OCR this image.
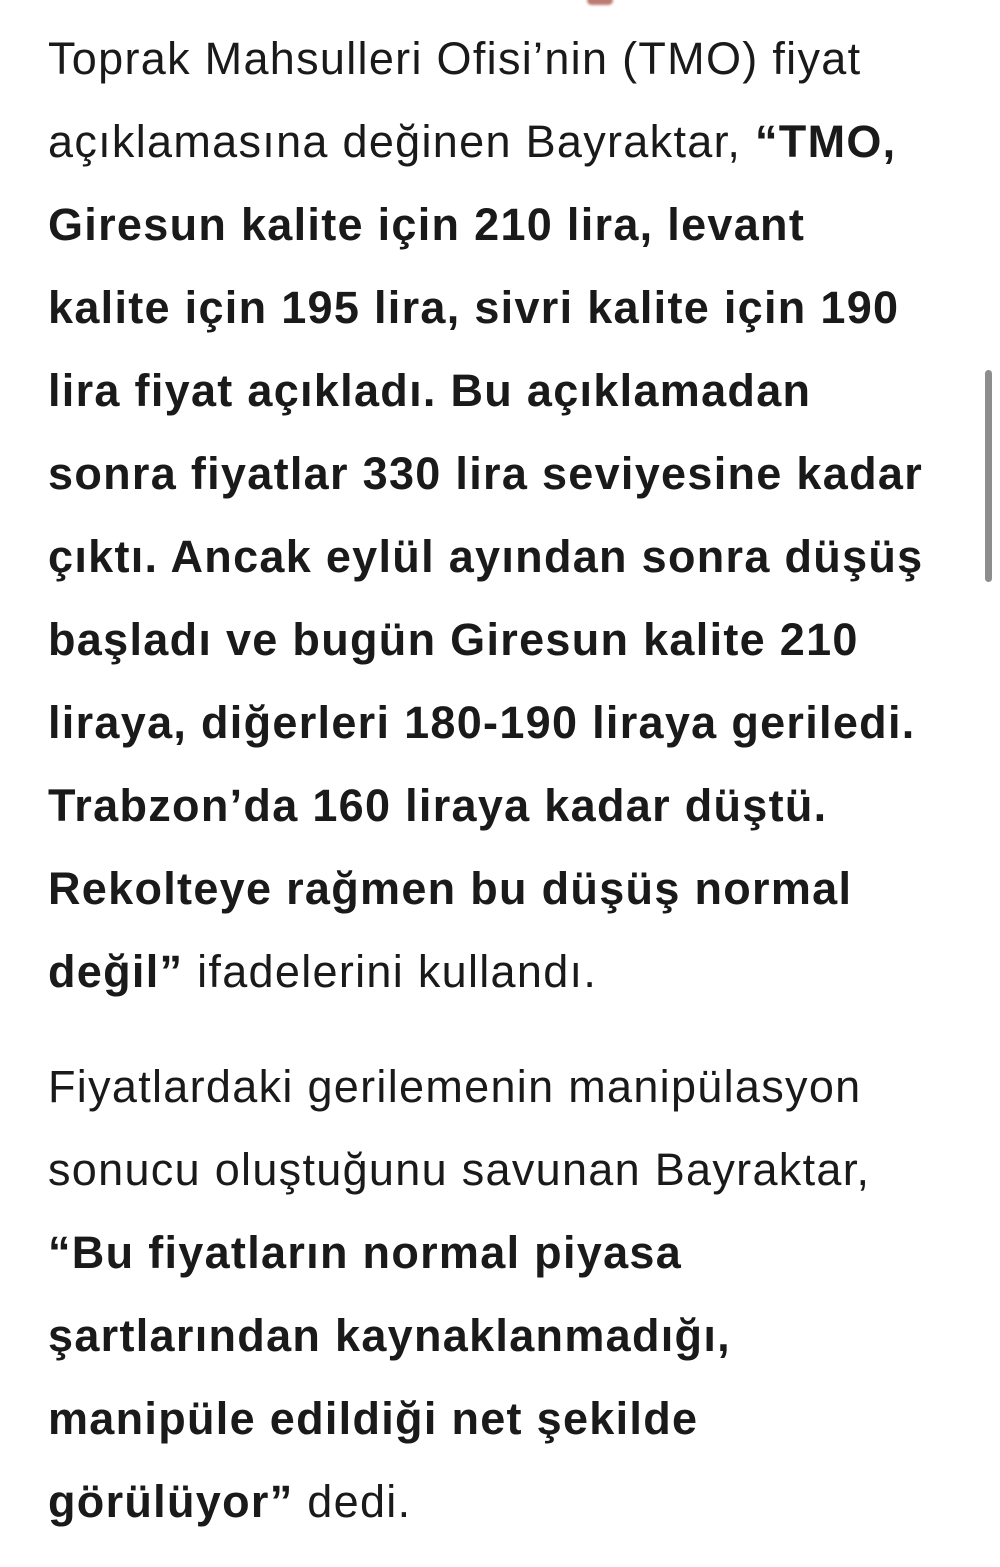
Toprak Mahsulleri Ofisi’nin (TMO) fiyat
açıklamasına değinen Bayraktar, “TMO,
Giresun kalite için 210 lira, levant
kalite için 195 lira, sivri kalite için 190
lira fiyat açıkladı. Bu açıklamadan
sonra fiyatlar 330 lira seviyesine kadar
çıktı. Ancak eylül ayından sonra düşüş
başladı ve bugün Giresun kalite 210
liraya, diğerleri 180-190 liraya geriledi.
Trabzon’da 160 liraya kadar düştü.
Rekolteye rağmen bu düşüş normal
değil” ifadelerini kullandı.

Fiyatlardaki gerilemenin manipülasyon
sonucu oluştuğunu savunan Bayraktar,
“Bu fiyatların normal piyasa
şartlarından kaynaklanmadığı,
manipüle edildiği net şekilde
görülüyor” dedi.
